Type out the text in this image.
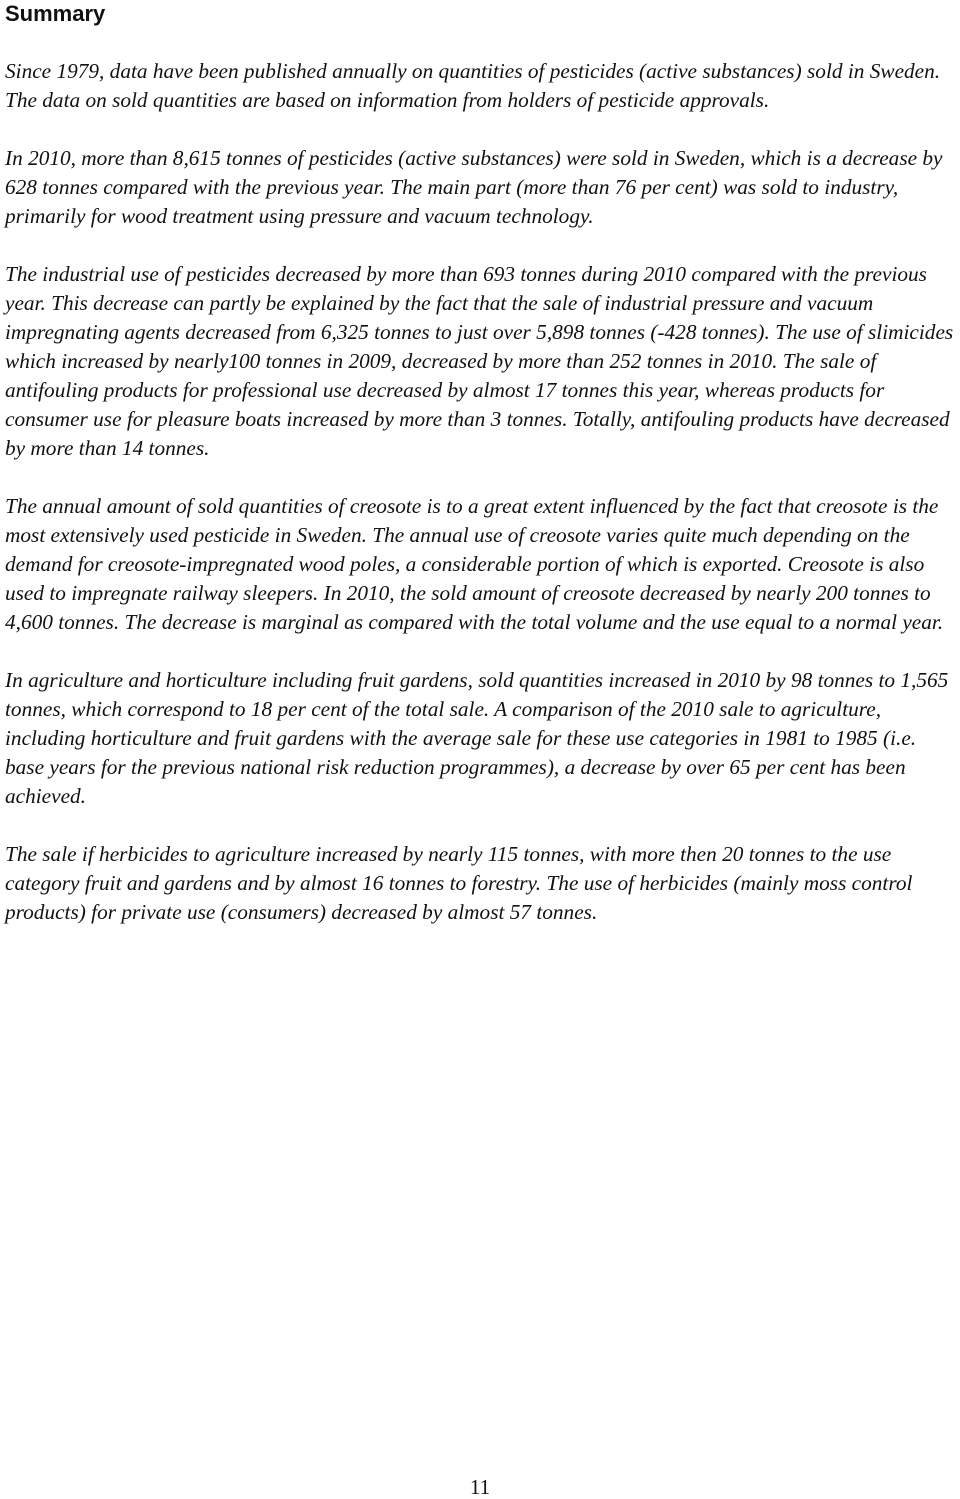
Summary

Since 1979, data have been published annually on quantities of pesticides (active substances) sold in Sweden. The data on sold quantities are based on information from holders of pesticide approvals.

In 2010, more than 8,615 tonnes of pesticides (active substances) were sold in Sweden, which is a decrease by 628 tonnes compared with the previous year. The main part (more than 76 per cent) was sold to industry, primarily for wood treatment using pressure and vacuum technology.

The industrial use of pesticides decreased by more than 693 tonnes during 2010 compared with the previous year. This decrease can partly be explained by the fact that the sale of industrial pressure and vacuum impregnating agents decreased from 6,325 tonnes to just over 5,898 tonnes (-428 tonnes). The use of slimicides which increased by nearly100 tonnes in 2009, decreased by more than 252 tonnes in 2010. The sale of antifouling products for professional use decreased by almost 17 tonnes this year, whereas products for consumer use for pleasure boats increased by more than 3 tonnes. Totally, antifouling products have decreased by more than 14 tonnes.

The annual amount of sold quantities of creosote is to a great extent influenced by the fact that creosote is the most extensively used pesticide in Sweden. The annual use of creosote varies quite much depending on the demand for creosote-impregnated wood poles, a considerable portion of which is exported. Creosote is also used to impregnate railway sleepers. In 2010, the sold amount of creosote decreased by nearly 200 tonnes to 4,600 tonnes. The decrease is marginal as compared with the total volume and the use equal to a normal year.

In agriculture and horticulture including fruit gardens, sold quantities increased in 2010 by 98 tonnes to 1,565 tonnes, which correspond to 18 per cent of the total sale. A comparison of the 2010 sale to agriculture, including horticulture and fruit gardens with the average sale for these use categories in 1981 to 1985 (i.e. base years for the previous national risk reduction programmes), a decrease by over 65 per cent has been achieved.

The sale if herbicides to agriculture increased by nearly 115 tonnes, with more then 20 tonnes to the use category fruit and gardens and by almost 16 tonnes to forestry. The use of herbicides (mainly moss control products) for private use (consumers) decreased by almost 57 tonnes.

11
